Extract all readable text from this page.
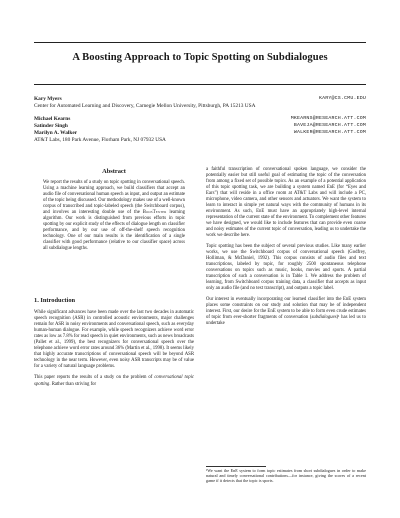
A Boosting Approach to Topic Spotting on Subdialogues
Kary Myers	KARY@CS.CMU.EDU
Center for Automated Learning and Discovery, Carnegie Mellon University, Pittsburgh, PA 15213 USA
Michael Kearns	MKEARNS@RESEARCH.ATT.COM
Satinder Singh	BAVEJA@RESEARCH.ATT.COM
Marilyn A. Walker	WALKER@RESEARCH.ATT.COM
AT&T Labs, 180 Park Avenue, Florham Park, NJ 07932 USA
Abstract
We report the results of a study on topic spotting in conversational speech. Using a machine learning approach, we build classifiers that accept an audio file of conversational human speech as input, and output an estimate of the topic being discussed. Our methodology makes use of a well-known corpus of transcribed and topic-labeled speech (the Switchboard corpus), and involves an interesting double use of the BoosTexter learning algorithm. Our work is distinguished from previous efforts in topic spotting by our explicit study of the effects of dialogue length on classifier performance, and by our use of off-the-shelf speech recognition technology. One of our main results is the identification of a single classifier with good performance (relative to our classifier space) across all subdialogue lengths.
1. Introduction

While significant advances have been made over the last two decades in automatic speech recognition (ASR) in controlled acoustic environments, major challenges remain for ASR in noisy environments and conversational speech, such as everyday human-human dialogue. For example, while speech recognizers achieve word error rates as low as 7.8% for read speech in quiet environments, such as news broadcasts (Pallet et al., 1999), the best recognizers for conversational speech over the telephone achieve word error rates around 36% (Martin et al., 1998). It seems likely that highly accurate transcriptions of conversational speech will be beyond ASR technology in the near term. However, even noisy ASR transcripts may be of value for a variety of natural language problems.

This paper reports the results of a study on the problem of conversational topic spotting. Rather than striving for

a faithful transcription of conversational spoken language, we consider the potentially easier but still useful goal of estimating the topic of the conversation from among a fixed set of possible topics. As an example of a potential application of this topic spotting task, we are building a system named EnE (for “Eyes and Ears”) that will reside in a office room at AT&T Labs and will include a PC, microphone, video camera, and other sensors and actuators. We want the system to learn to interact in simple yet natural ways with the community of humans in its environment. As such, EnE must have an appropriately high-level internal representation of the current state of the environment. To complement other features we have designed, we would like to include features that can provide even coarse and noisy estimates of the current topic of conversation, leading us to undertake the work we describe here.

Topic spotting has been the subject of several previous studies. Like many earlier works, we use the Switchboard corpus of conversational speech (Godfrey, Holliman, & McDaniel, 1992). This corpus consists of audio files and text transcriptions, labeled by topic, for roughly 2500 spontaneous telephone conversations on topics such as music, books, movies and sports. A partial transcription of such a conversation is in Table 1. We address the problem of learning, from Switchboard corpus training data, a classifier that accepts as input only an audio file (and no text transcript), and outputs a topic label.

Our interest in eventually incorporating our learned classifier into the EnE system places some constraints on our study and solution that may be of independent interest. First, our desire for the EnE system to be able to form even crude estimates of topic from ever-shorter fragments of conversation (subdialogues)¹ has led us to undertake

¹We want the EnE system to form topic estimates from short subdialogues in order to make natural and timely conversational contributions—for instance, giving the scores of a recent game if it detects that the topic is sports.
